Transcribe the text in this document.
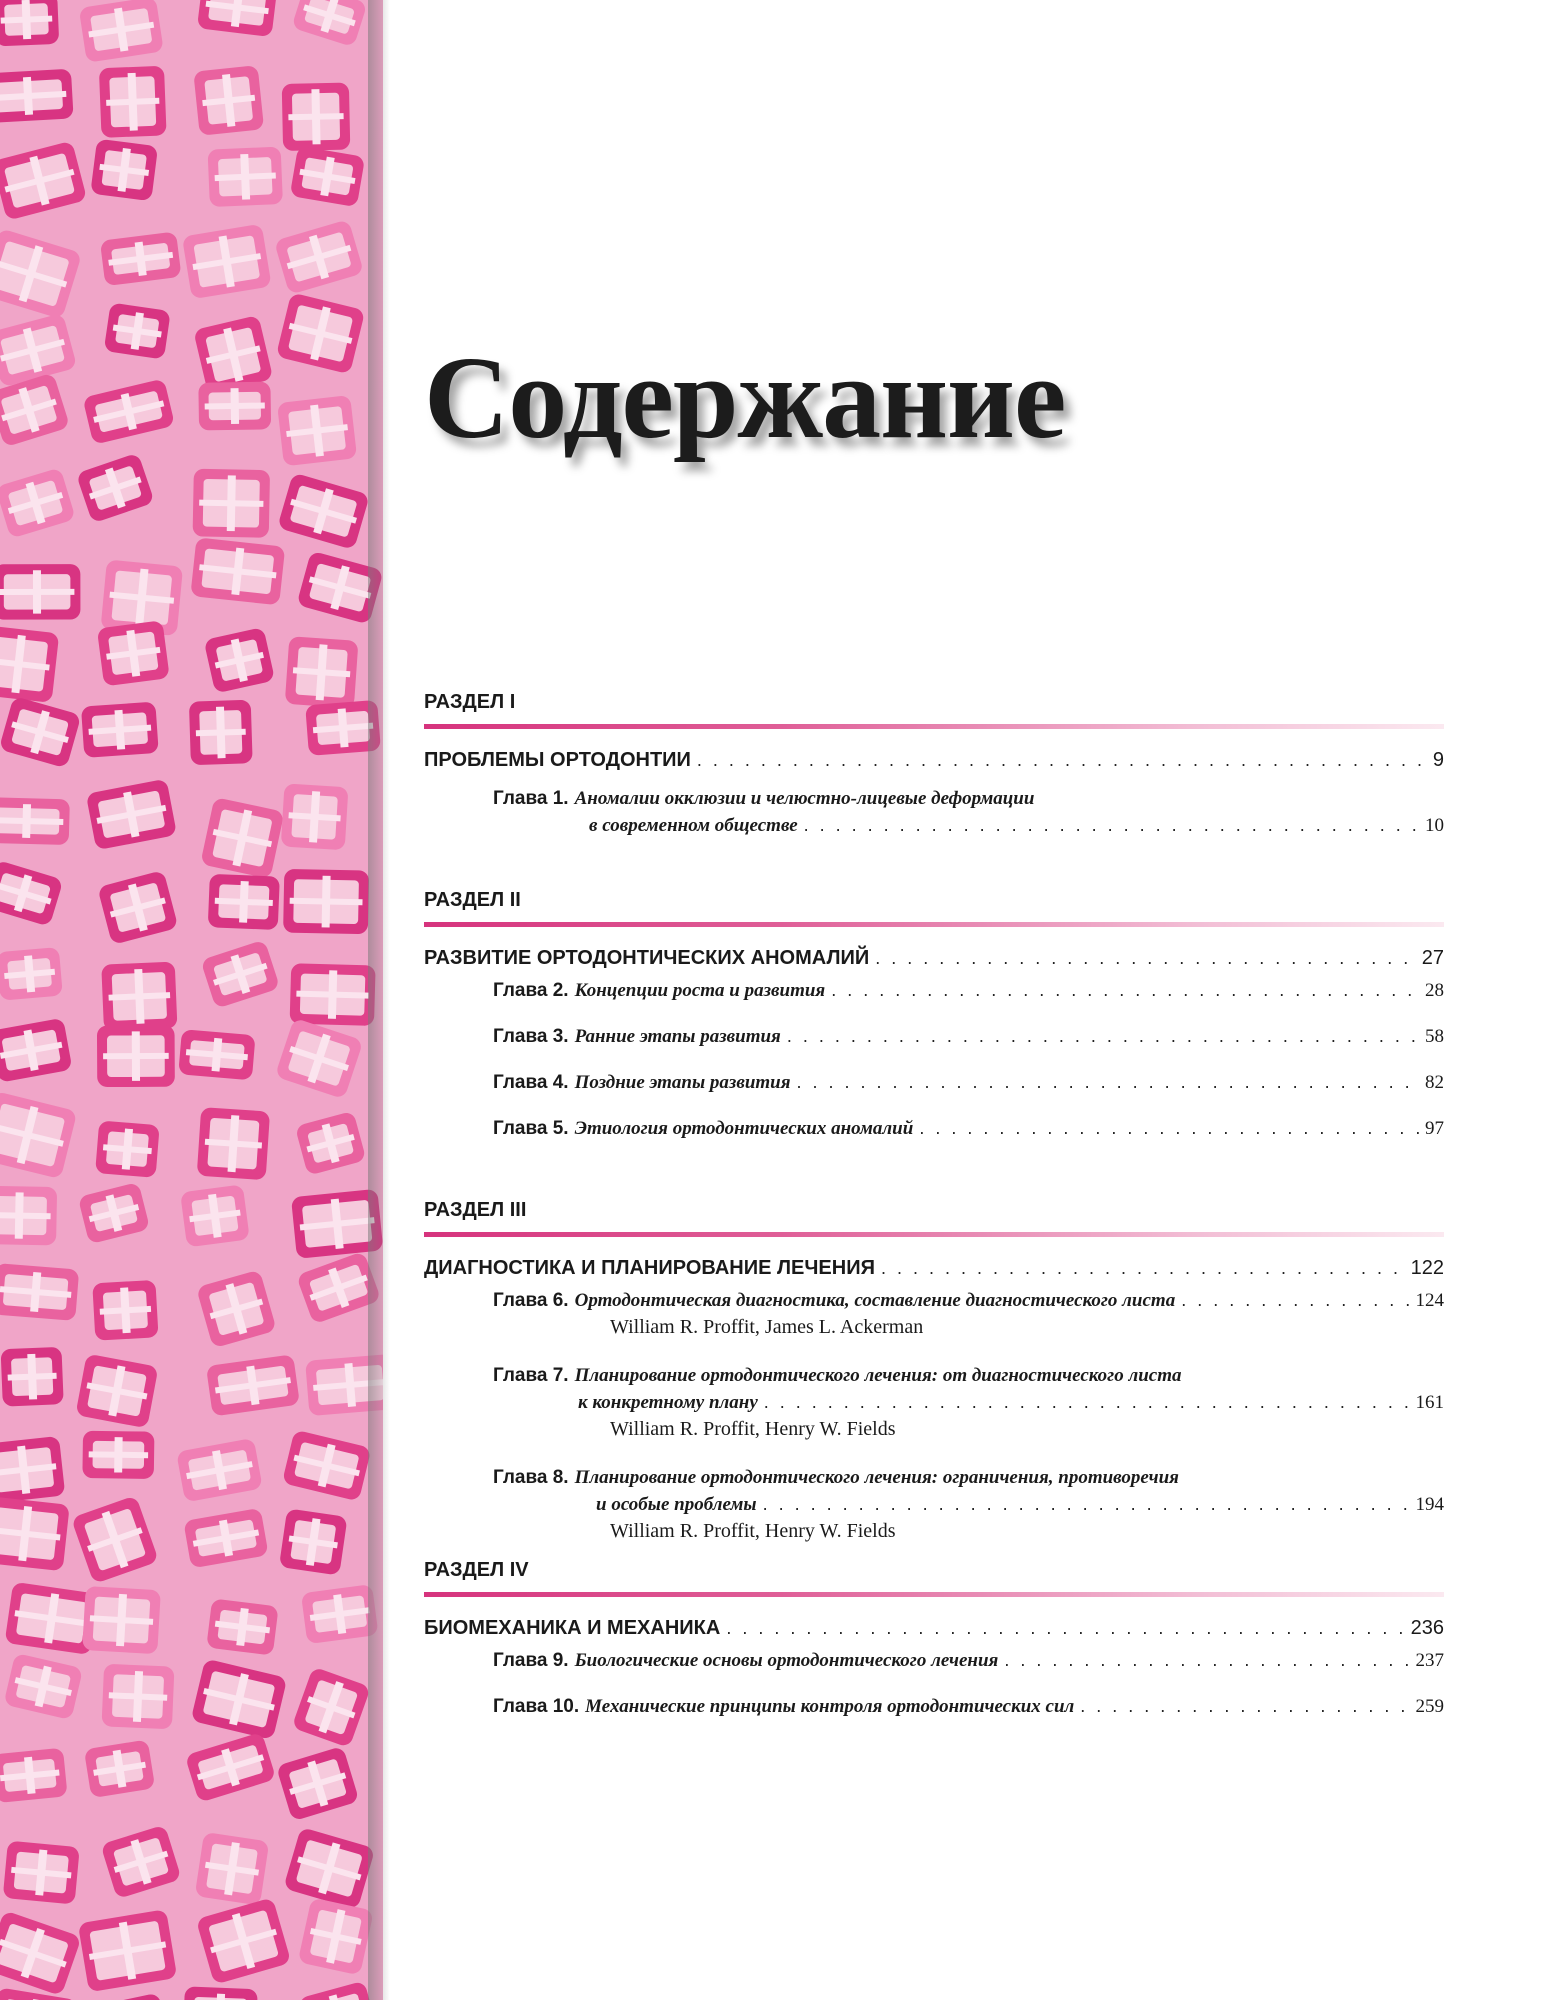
Содержание
РАЗДЕЛ I
ПРОБЛЕМЫ ОРТОДОНТИИ . . .	9
Глава 1. Аномалии окклюзии и челюстно-лицевые деформации
в современном обществе . . .	10
РАЗДЕЛ II
РАЗВИТИЕ ОРТОДОНТИЧЕСКИХ АНОМАЛИЙ . . .	27
Глава 2. Концепции роста и развития . . .	28
Глава 3. Ранние этапы развития . . .	58
Глава 4. Поздние этапы развития . . .	82
Глава 5. Этиология ортодонтических аномалий . . .	97
РАЗДЕЛ III
ДИАГНОСТИКА И ПЛАНИРОВАНИЕ ЛЕЧЕНИЯ . . .	122
Глава 6. Ортодонтическая диагностика, составление диагностического листа . . .	124
William R. Proffit, James L. Ackerman
Глава 7. Планирование ортодонтического лечения: от диагностического листа
к конкретному плану . . .	161
William R. Proffit, Henry W. Fields
Глава 8. Планирование ортодонтического лечения: ограничения, противоречия
и особые проблемы . . .	194
William R. Proffit, Henry W. Fields
РАЗДЕЛ IV
БИОМЕХАНИКА И МЕХАНИКА . . .	236
Глава 9. Биологические основы ортодонтического лечения . . .	237
Глава 10. Механические принципы контроля ортодонтических сил . . .	259
